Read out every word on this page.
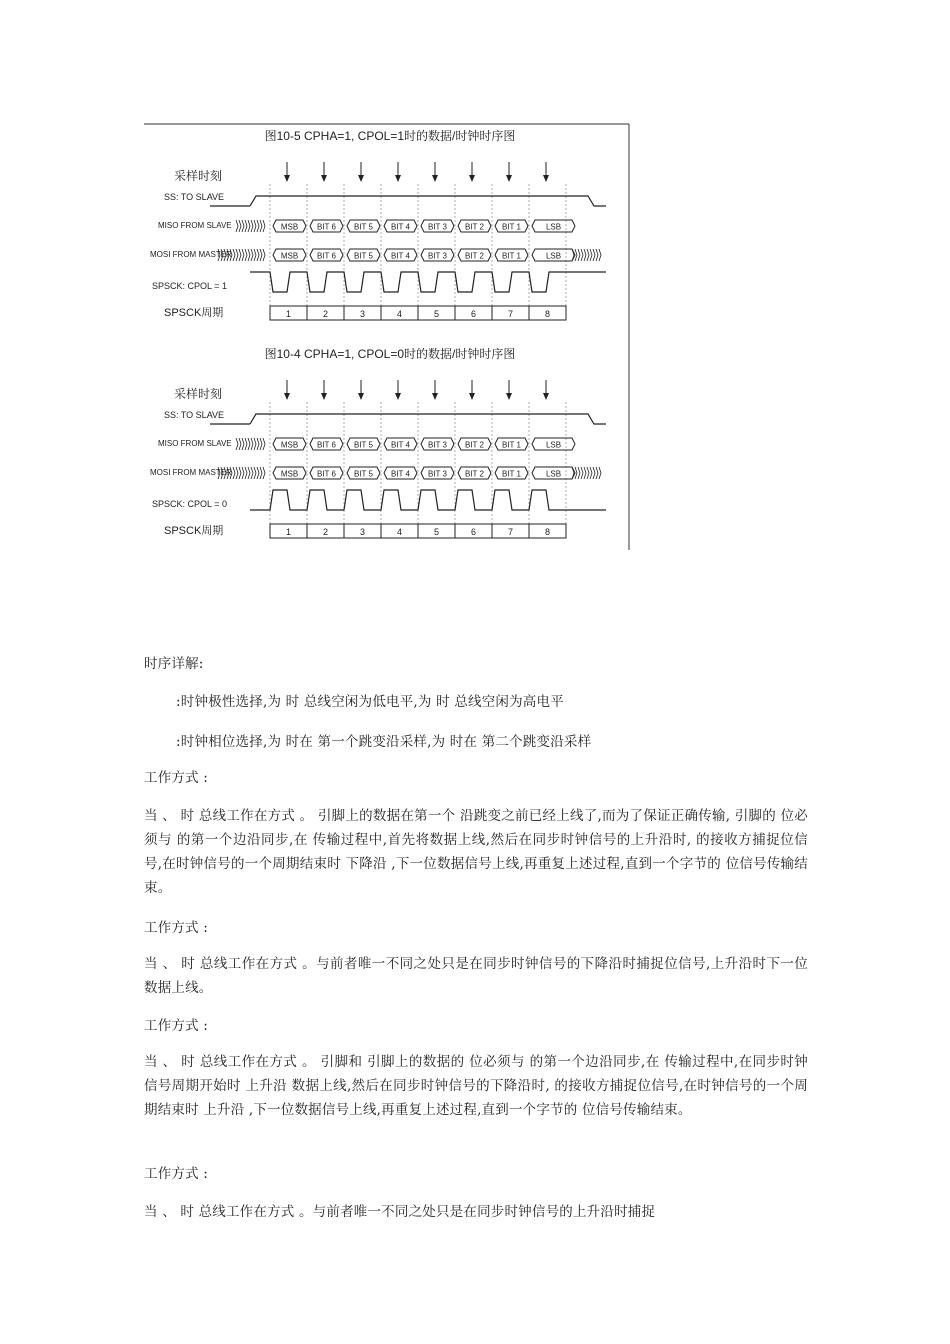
图10-5 CPHA=1, CPOL=1时的数据/时钟时序图
采样时刻
SS: TO SLAVE
MISO FROM SLAVE
MOSI FROM MASTER
SPSCK: CPOL = 1
SPSCK周期
MSB BIT 6 BIT 5 BIT 4 BIT 3 BIT 2 BIT 1	LSB
MSB BIT 6 BIT 5 BIT 4 BIT 3 BIT 2 BIT 1	LSB
1	2	3	4	5	6	7	8
图10-4 CPHA=1, CPOL=0时的数据/时钟时序图
采样时刻
SS: TO SLAVE
MISO FROM SLAVE
MOSI FROM MASTER
SPSCK: CPOL = 0
SPSCK周期
MSB BIT 6 BIT 5 BIT 4 BIT 3 BIT 2 BIT 1	LSB
MSB BIT 6 BIT 5 BIT 4 BIT 3 BIT 2 BIT 1	LSB
1	2	3	4	5	6	7	8

时序详解:

:时钟极性选择,为 时 总线空闲为低电平,为 时 总线空闲为高电平

:时钟相位选择,为 时在 第一个跳变沿采样,为 时在 第二个跳变沿采样

工作方式 :

当 、 时 总线工作在方式 。 引脚上的数据在第一个 沿跳变之前已经上线了,而为了保证正确传输, 引脚的 位必须与 的第一个边沿同步,在 传输过程中,首先将数据上线,然后在同步时钟信号的上升沿时, 的接收方捕捉位信号,在时钟信号的一个周期结束时 下降沿 ,下一位数据信号上线,再重复上述过程,直到一个字节的 位信号传输结束。

工作方式 :

当 、 时 总线工作在方式 。与前者唯一不同之处只是在同步时钟信号的下降沿时捕捉位信号,上升沿时下一位数据上线。

工作方式 :

当 、 时 总线工作在方式 。 引脚和 引脚上的数据的 位必须与 的第一个边沿同步,在 传输过程中,在同步时钟信号周期开始时 上升沿 数据上线,然后在同步时钟信号的下降沿时, 的接收方捕捉位信号,在时钟信号的一个周期结束时 上升沿 ,下一位数据信号上线,再重复上述过程,直到一个字节的 位信号传输结束。

工作方式 :

当 、 时 总线工作在方式 。与前者唯一不同之处只是在同步时钟信号的上升沿时捕捉
